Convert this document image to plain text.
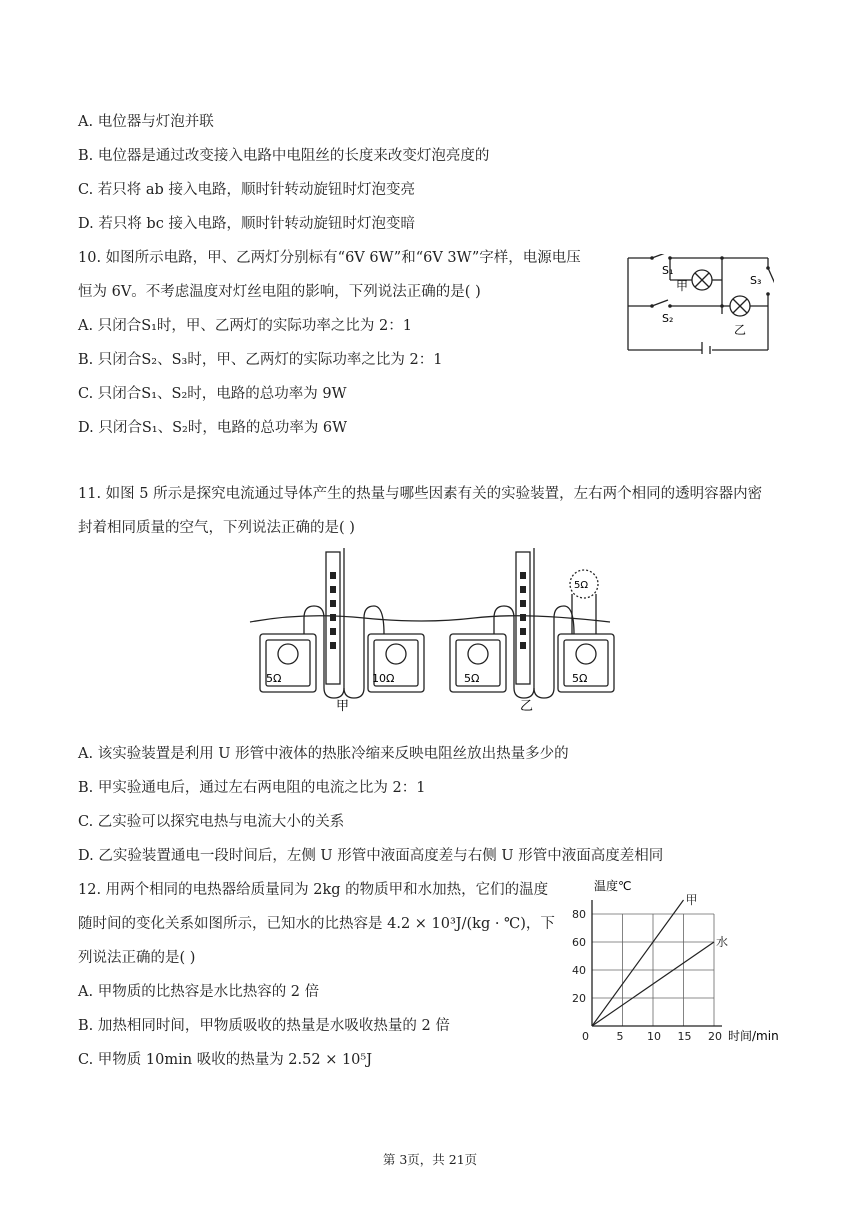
A. 电位器与灯泡并联
B. 电位器是通过改变接入电路中电阻丝的长度来改变灯泡亮度的
C. 若只将 ab 接入电路，顺时针转动旋钮时灯泡变亮
D. 若只将 bc 接入电路，顺时针转动旋钮时灯泡变暗
10. 如图所示电路，甲、乙两灯分别标有“6V 6W”和“6V 3W”字样，电源电压
恒为 6V。不考虑温度对灯丝电阻的影响，下列说法正确的是( )
A. 只闭合S₁时，甲、乙两灯的实际功率之比为 2：1
B. 只闭合S₂、S₃时，甲、乙两灯的实际功率之比为 2：1
C. 只闭合S₁、S₂时，电路的总功率为 9W
D. 只闭合S₁、S₂时，电路的总功率为 6W
S₁
S₂
S₃
甲
乙
11. 如图 5 所示是探究电流通过导体产生的热量与哪些因素有关的实验装置，左右两个相同的透明容器内密
封着相同质量的空气，下列说法正确的是( )
5Ω	10Ω	5Ω
5Ω
5Ω
甲	乙
A. 该实验装置是利用 U 形管中液体的热胀冷缩来反映电阻丝放出热量多少的
B. 甲实验通电后，通过左右两电阻的电流之比为 2：1
C. 乙实验可以探究电热与电流大小的关系
D. 乙实验装置通电一段时间后，左侧 U 形管中液面高度差与右侧 U 形管中液面高度差相同
12. 用两个相同的电热器给质量同为 2kg 的物质甲和水加热，它们的温度
随时间的变化关系如图所示，已知水的比热容是 4.2 × 10³J/(kg · ℃)，下
列说法正确的是( )
A. 甲物质的比热容是水比热容的 2 倍
B. 加热相同时间，甲物质吸收的热量是水吸收热量的 2 倍
C. 甲物质 10min 吸收的热量为 2.52 × 10⁵J
甲
水
0	5 10 15 20
20
40
60
80
温度℃
时间/min
第 3页，共 21页
